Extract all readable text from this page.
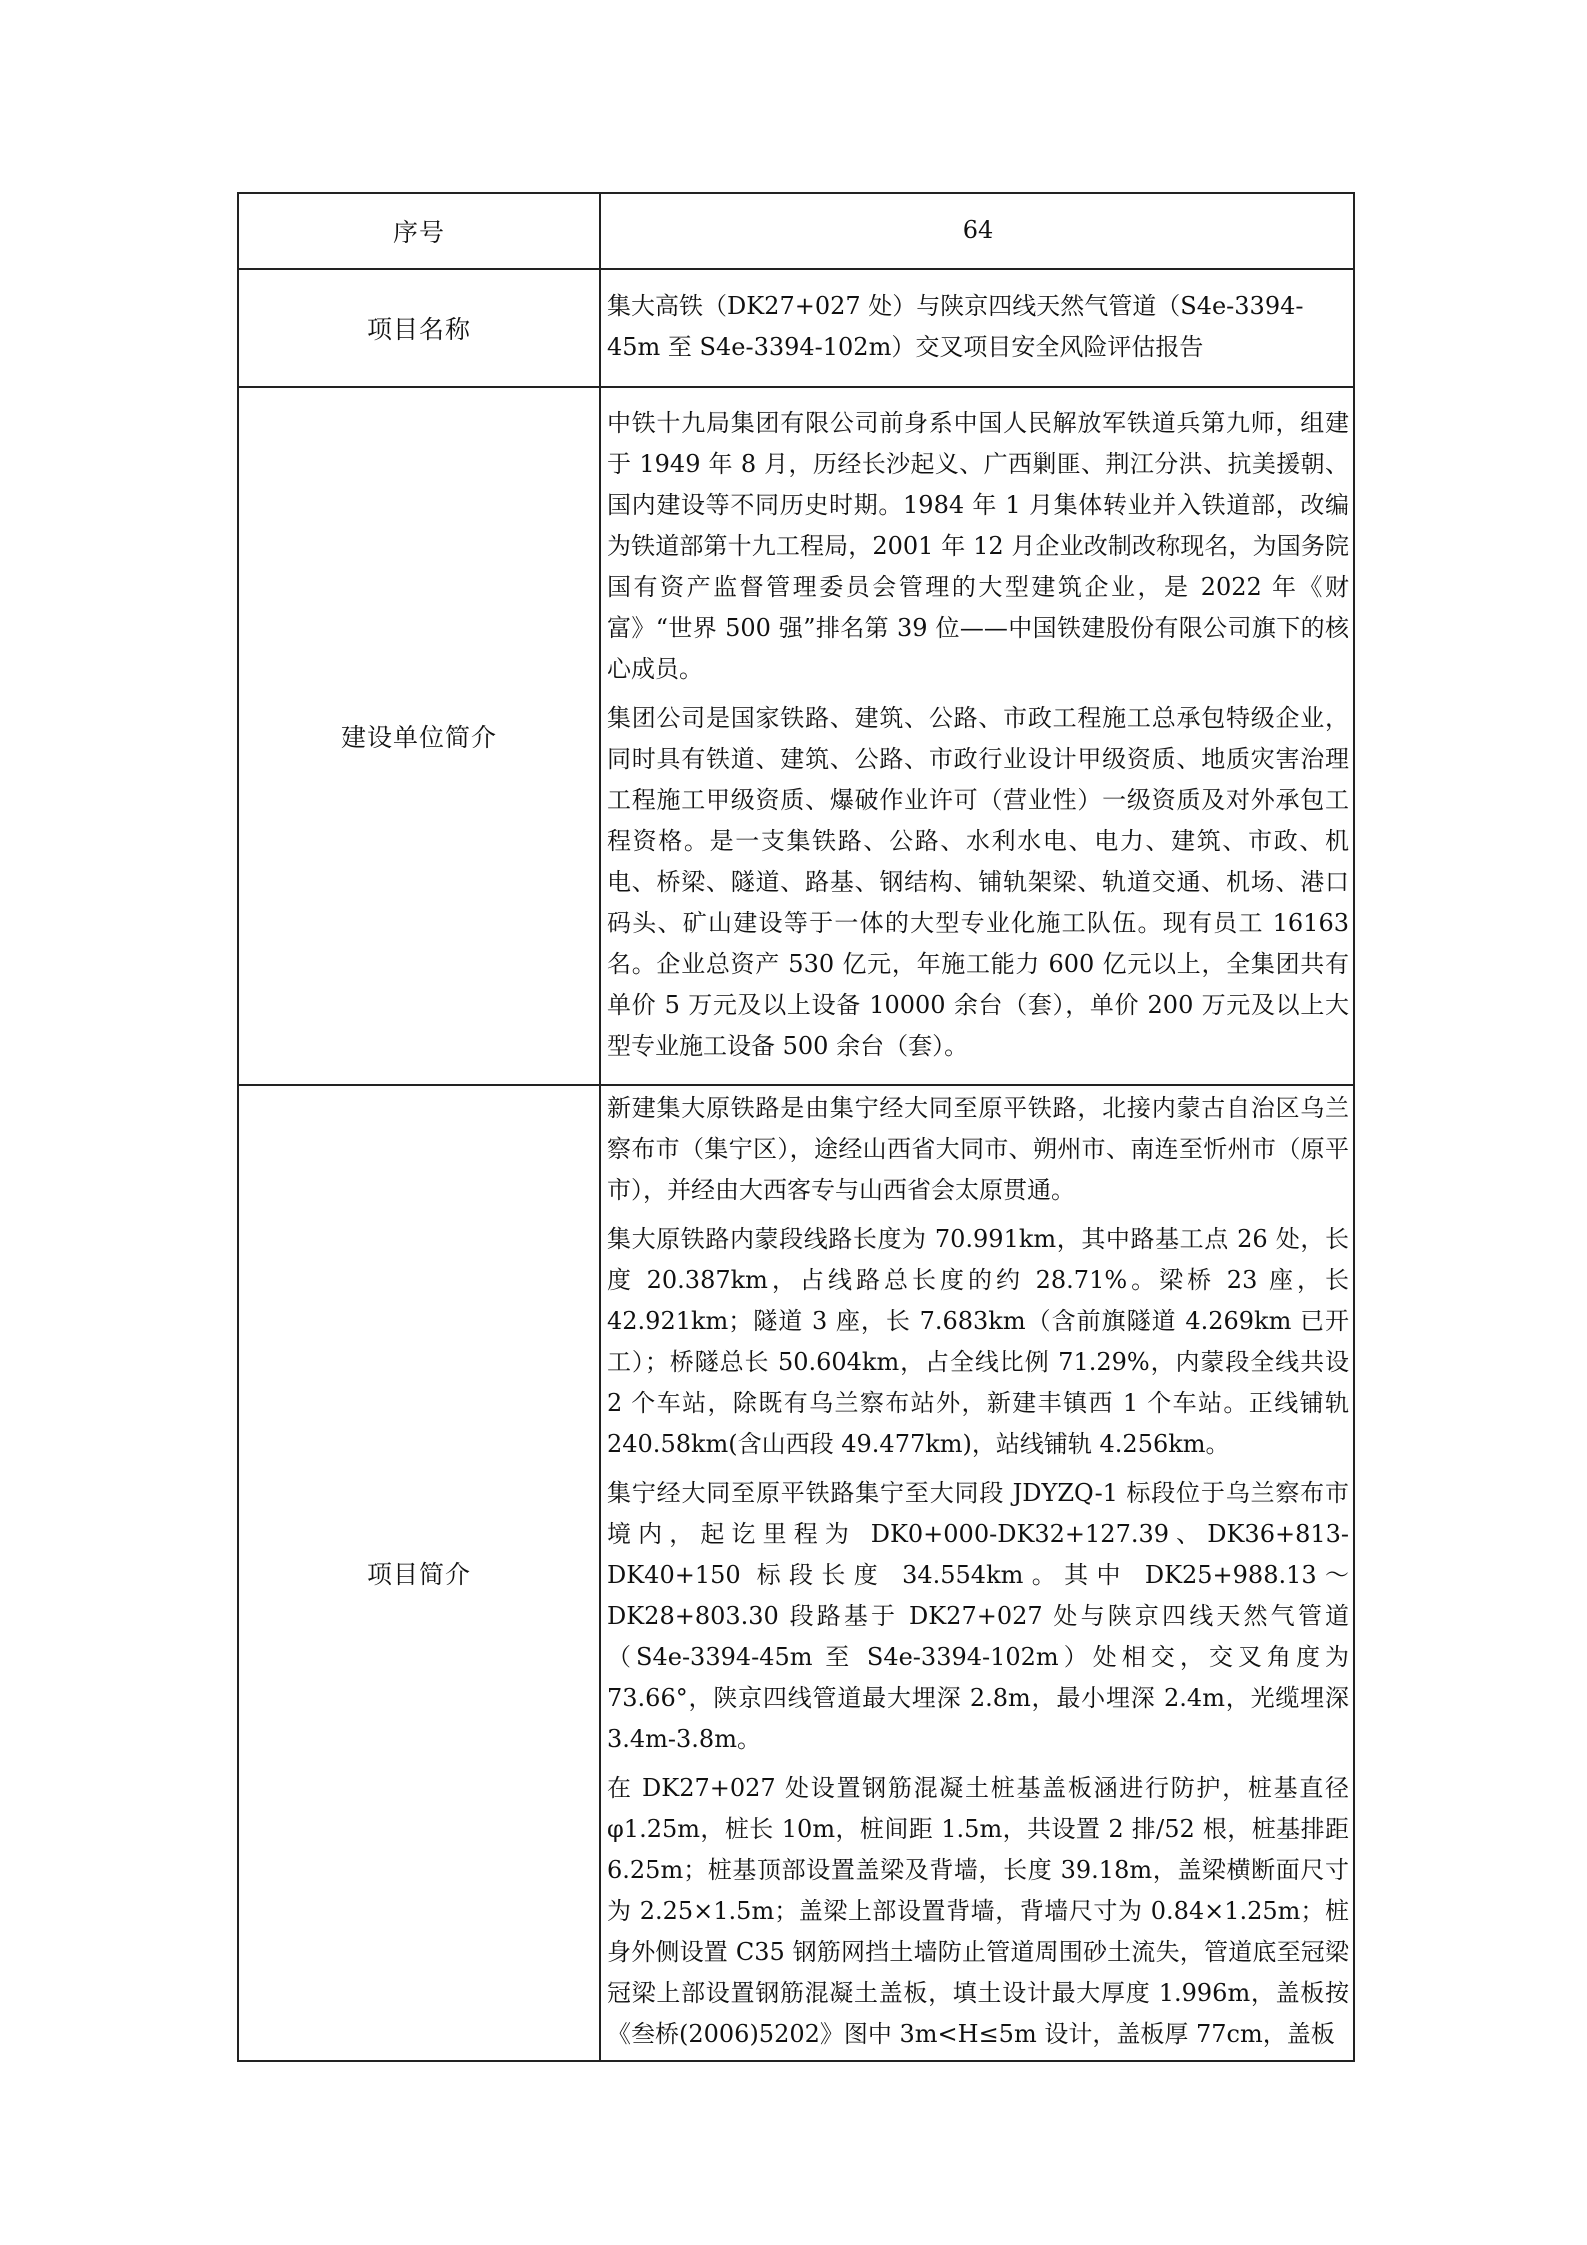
序号	64
项目名称	集大高铁（DK27+027 处）与陕京四线天然气管道（S4e-3394-45m 至 S4e-3394-102m）交叉项目安全风险评估报告
建设单位简介	中铁十九局集团有限公司前身系中国人民解放军铁道兵第九师，组建于 1949 年 8 月，历经长沙起义、广西剿匪、荆江分洪、抗美援朝、国内建设等不同历史时期。1984 年 1 月集体转业并入铁道部，改编为铁道部第十九工程局，2001 年 12 月企业改制改称现名，为国务院国有资产监督管理委员会管理的大型建筑企业，是 2022 年《财富》“世界 500 强”排名第 39 位——中国铁建股份有限公司旗下的核心成员。

集团公司是国家铁路、建筑、公路、市政工程施工总承包特级企业，同时具有铁道、建筑、公路、市政行业设计甲级资质、地质灾害治理工程施工甲级资质、爆破作业许可（营业性）一级资质及对外承包工程资格。是一支集铁路、公路、水利水电、电力、建筑、市政、机电、桥梁、隧道、路基、钢结构、铺轨架梁、轨道交通、机场、港口码头、矿山建设等于一体的大型专业化施工队伍。现有员工 16163 名。企业总资产 530 亿元，年施工能力 600 亿元以上，全集团共有单价 5 万元及以上设备 10000 余台（套），单价 200 万元及以上大型专业施工设备 500 余台（套）。

项目简介	新建集大原铁路是由集宁经大同至原平铁路，北接内蒙古自治区乌兰察布市（集宁区），途经山西省大同市、朔州市、南连至忻州市（原平市），并经由大西客专与山西省会太原贯通。

集大原铁路内蒙段线路长度为 70.991km，其中路基工点 26 处，长度 20.387km，占线路总长度的约 28.71%。梁桥 23 座，长 42.921km；隧道 3 座，长 7.683km（含前旗隧道 4.269km 已开工）；桥隧总长 50.604km，占全线比例 71.29%，内蒙段全线共设 2 个车站，除既有乌兰察布站外，新建丰镇西 1 个车站。正线铺轨 240.58km(含山西段 49.477km)，站线铺轨 4.256km。

集宁经大同至原平铁路集宁至大同段 JDYZQ-1 标段位于乌兰察布市境内，起讫里程为 DK0+000-DK32+127.39、DK36+813-DK40+150 标段长度 34.554km。其中 DK25+988.13～DK28+803.30 段路基于 DK27+027 处与陕京四线天然气管道（S4e-3394-45m 至 S4e-3394-102m）处相交，交叉角度为 73.66°，陕京四线管道最大埋深 2.8m，最小埋深 2.4m，光缆埋深 3.4m-3.8m。

在 DK27+027 处设置钢筋混凝土桩基盖板涵进行防护，桩基直径 φ1.25m，桩长 10m，桩间距 1.5m，共设置 2 排/52 根，桩基排距 6.25m；桩基顶部设置盖梁及背墙，长度 39.18m，盖梁横断面尺寸为 2.25×1.5m；盖梁上部设置背墙，背墙尺寸为 0.84×1.25m；桩身外侧设置 C35 钢筋网挡土墙防止管道周围砂土流失，管道底至冠梁冠梁上部设置钢筋混凝土盖板，填土设计最大厚度 1.996m，盖板按《叁桥(2006)5202》图中 3m<H≤5m 设计，盖板厚 77cm，盖板
